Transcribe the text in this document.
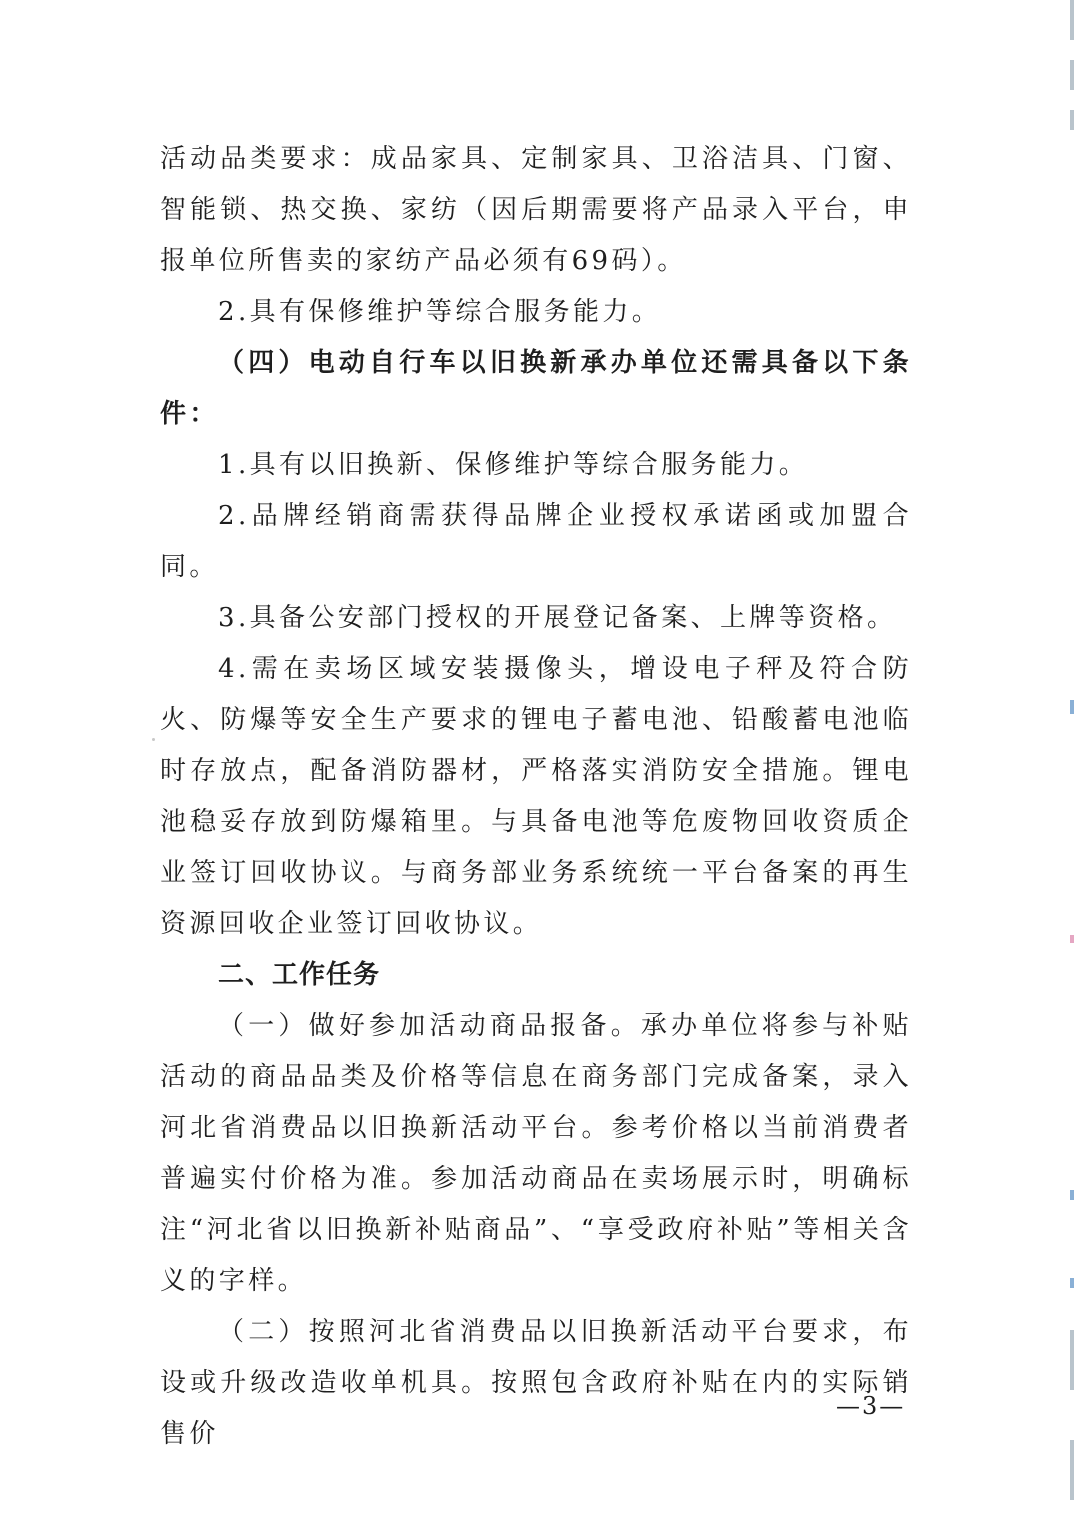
活动品类要求：成品家具、定制家具、卫浴洁具、门窗、智能锁、热交换、家纺（因后期需要将产品录入平台，申报单位所售卖的家纺产品必须有69码）。

2.具有保修维护等综合服务能力。

（四）电动自行车以旧换新承办单位还需具备以下条件：

1.具有以旧换新、保修维护等综合服务能力。

2.品牌经销商需获得品牌企业授权承诺函或加盟合同。

3.具备公安部门授权的开展登记备案、上牌等资格。

4.需在卖场区域安装摄像头，增设电子秤及符合防火、防爆等安全生产要求的锂电子蓄电池、铅酸蓄电池临时存放点，配备消防器材，严格落实消防安全措施。锂电池稳妥存放到防爆箱里。与具备电池等危废物回收资质企业签订回收协议。与商务部业务系统统一平台备案的再生资源回收企业签订回收协议。

二、工作任务

（一）做好参加活动商品报备。承办单位将参与补贴活动的商品品类及价格等信息在商务部门完成备案，录入河北省消费品以旧换新活动平台。参考价格以当前消费者普遍实付价格为准。参加活动商品在卖场展示时，明确标注“河北省以旧换新补贴商品”、“享受政府补贴”等相关含义的字样。

（二）按照河北省消费品以旧换新活动平台要求，布设或升级改造收单机具。按照包含政府补贴在内的实际销售价

—3—
